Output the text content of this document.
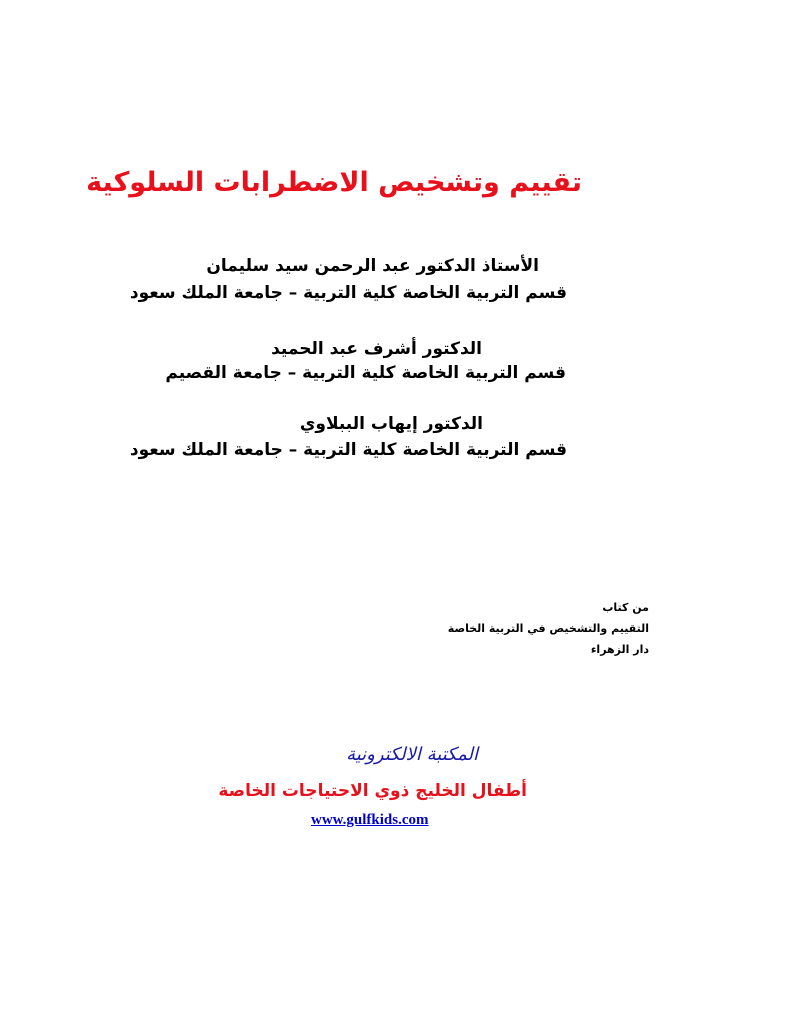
تقييم وتشخيص الاضطرابات السلوكية

الأستاذ الدكتور عبد الرحمن سيد سليمان

قسم التربية الخاصة كلية التربية – جامعة الملك سعود

الدكتور أشرف عبد الحميد

قسم التربية الخاصة كلية التربية – جامعة القصيم

الدكتور إيهاب الببلاوي

قسم التربية الخاصة كلية التربية – جامعة الملك سعود

من كتاب

التقييم والتشخيص في التربية الخاصة

دار الزهراء

المكتبة الالكترونية

أطفال الخليج ذوي الاحتياجات الخاصة

www.gulfkids.com
